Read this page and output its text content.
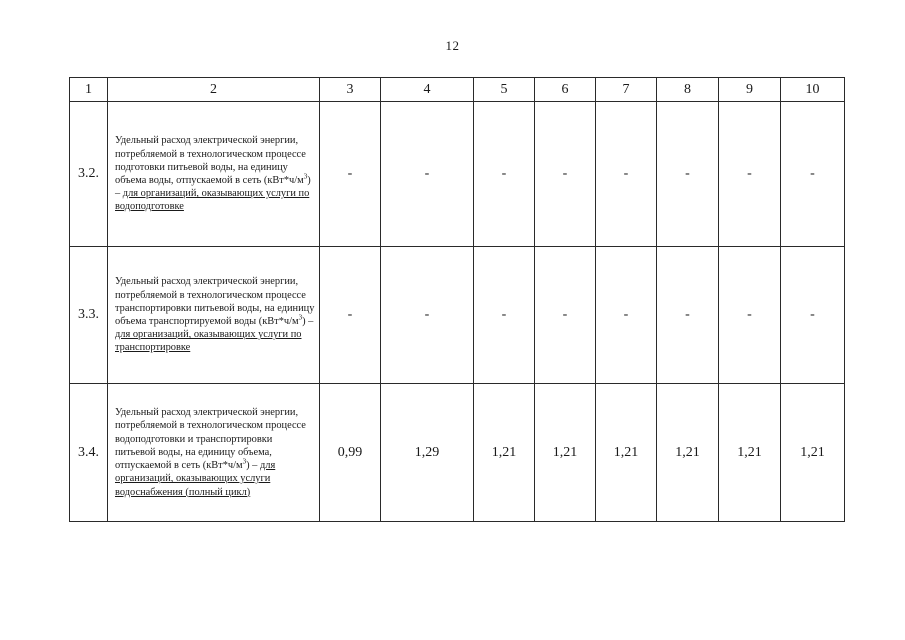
12
1	2	3	4	5	6	7	8	9	10
3.2.	Удельный расход электрической энергии, потребляемой в технологическом процессе подготовки питьевой воды, на единицу объема воды, отпускаемой в сеть $(кВт*ч/м^3)$ – для организаций, оказывающих услуги по водоподготовке	-	-	-	-	-	-	-	-
3.3.	Удельный расход электрической энергии, потребляемой в технологическом процессе транспортировки питьевой воды, на единицу объема транспортируемой воды $(кВт*ч/м^3)$ – для организаций, оказывающих услуги по транспортировке	-	-	-	-	-	-	-	-
3.4.	Удельный расход электрической энергии, потребляемой в технологическом процессе водоподготовки и транспортировки питьевой воды, на единицу объема, отпускаемой в сеть $(кВт*ч/м^3)$ – для организаций, оказывающих услуги водоснабжения (полный цикл)	0,99	1,29	1,21	1,21	1,21	1,21	1,21	1,21
